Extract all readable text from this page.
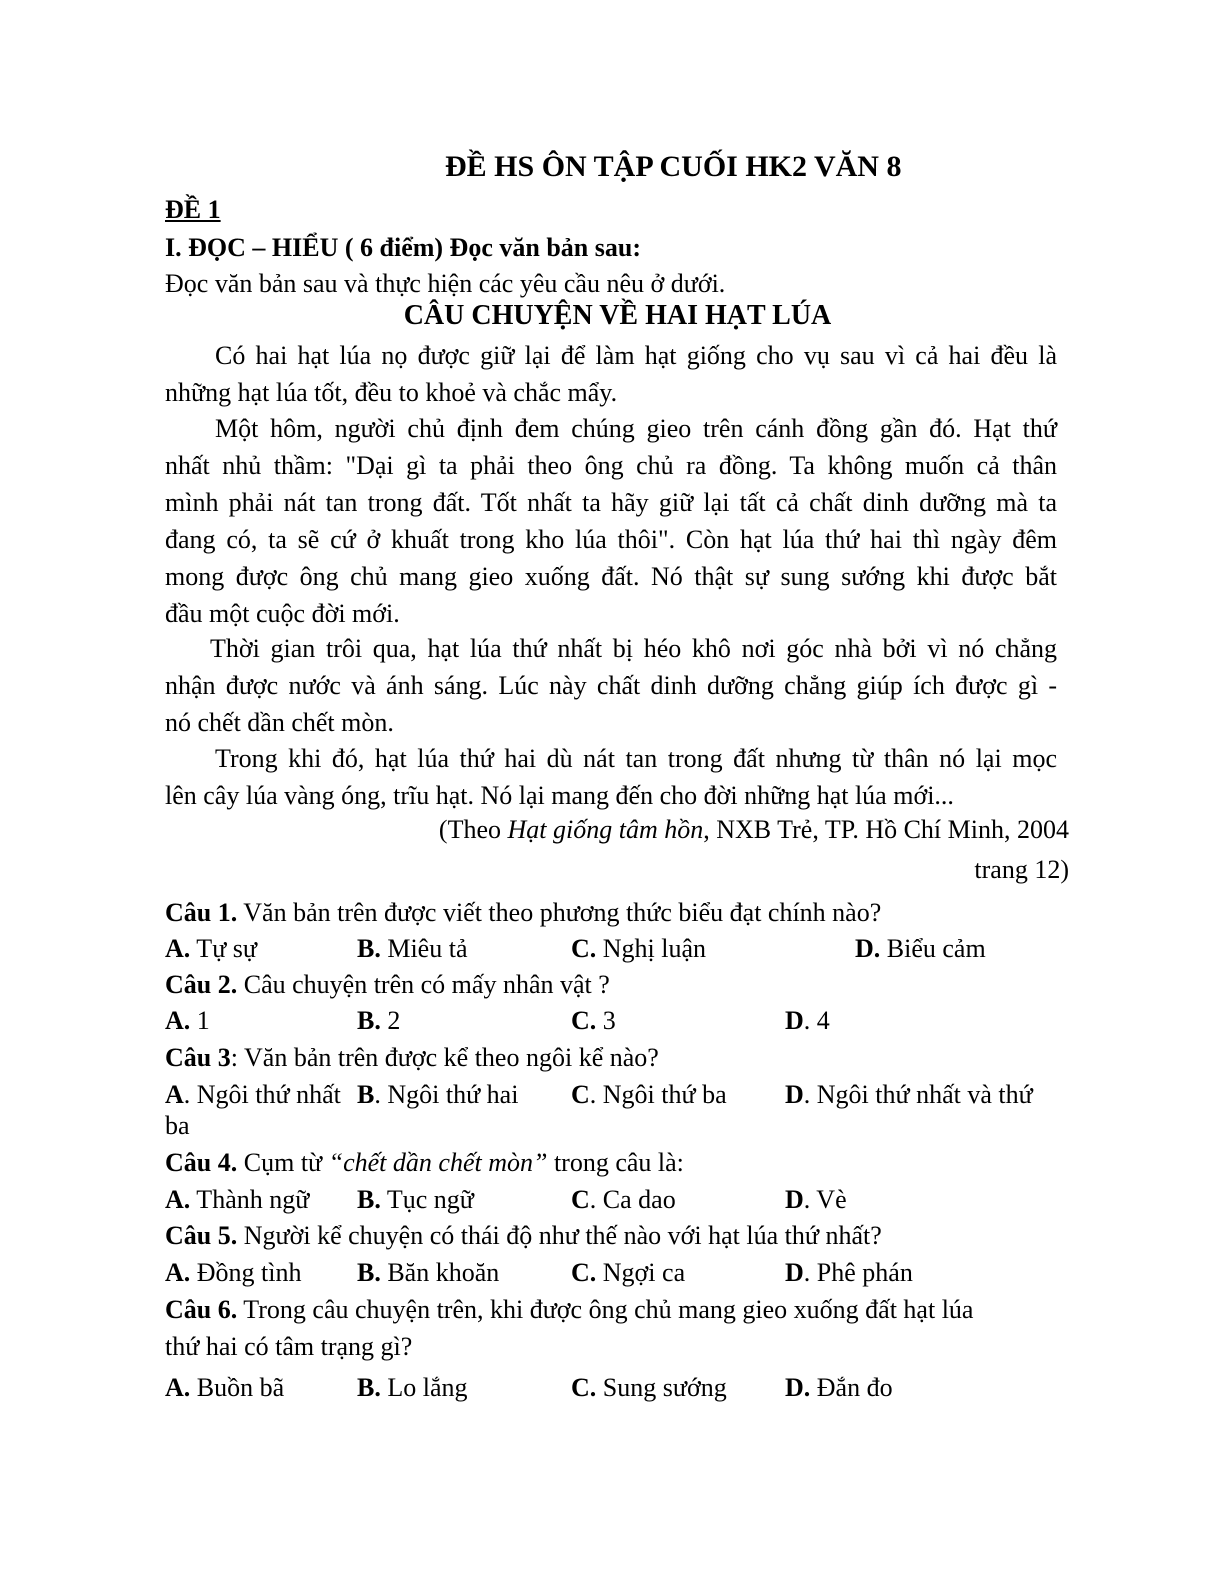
ĐỀ HS ÔN TẬP CUỐI HK2 VĂN 8
ĐỀ 1
I. ĐỌC – HIỂU ( 6 điểm) Đọc văn bản sau:
Đọc văn bản sau và thực hiện các yêu cầu nêu ở dưới.
CÂU CHUYỆN VỀ HAI HẠT LÚA
Có hai hạt lúa nọ được giữ lại để làm hạt giống cho vụ sau vì cả hai đều là
những hạt lúa tốt, đều to khoẻ và chắc mẩy.
Một hôm, người chủ định đem chúng gieo trên cánh đồng gần đó. Hạt thứ
nhất nhủ thầm: "Dại gì ta phải theo ông chủ ra đồng. Ta không muốn cả thân
mình phải nát tan trong đất. Tốt nhất ta hãy giữ lại tất cả chất dinh dưỡng mà ta
đang có, ta sẽ cứ ở khuất trong kho lúa thôi". Còn hạt lúa thứ hai thì ngày đêm
mong được ông chủ mang gieo xuống đất. Nó thật sự sung sướng khi được bắt
đầu một cuộc đời mới.
Thời gian trôi qua, hạt lúa thứ nhất bị héo khô nơi góc nhà bởi vì nó chẳng
nhận được nước và ánh sáng. Lúc này chất dinh dưỡng chẳng giúp ích được gì -
nó chết dần chết mòn.
Trong khi đó, hạt lúa thứ hai dù nát tan trong đất nhưng từ thân nó lại mọc
lên cây lúa vàng óng, trĩu hạt. Nó lại mang đến cho đời những hạt lúa mới...
(Theo Hạt giống tâm hồn, NXB Trẻ, TP. Hồ Chí Minh, 2004
trang 12)
Câu 1. Văn bản trên được viết theo phương thức biểu đạt chính nào?
A. Tự sự	B. Miêu tả	C. Nghị luận	D. Biểu cảm
Câu 2. Câu chuyện trên có mấy nhân vật ?
A. 1	B. 2	C. 3	D. 4
Câu 3: Văn bản trên được kể theo ngôi kể nào?
A. Ngôi thứ nhất B. Ngôi thứ hai C. Ngôi thứ ba D. Ngôi thứ nhất và thứ
ba
Câu 4. Cụm từ “chết dần chết mòn” trong câu là:
A. Thành ngữ B. Tục ngữ	C. Ca dao	D. Vè
Câu 5. Người kể chuyện có thái độ như thế nào với hạt lúa thứ nhất?
A. Đồng tình B. Băn khoăn	C. Ngợi ca	D. Phê phán
Câu 6. Trong câu chuyện trên, khi được ông chủ mang gieo xuống đất hạt lúa
thứ hai có tâm trạng gì?
A. Buồn bã	B. Lo lắng	C. Sung sướng D. Đắn đo
